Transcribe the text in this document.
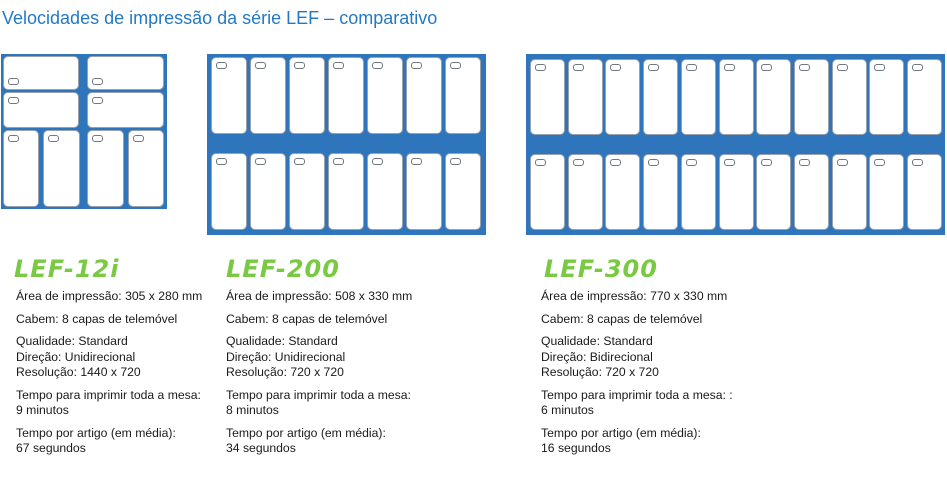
Velocidades de impressão da série LEF – comparativo
LEF-12i	LEF-200	LEF-300

Área de impressão: 305 x 280 mm

Cabem: 8 capas de telemóvel

Qualidade: Standard
Direção: Unidirecional
Resolução: 1440 x 720

Tempo para imprimir toda a mesa:
9 minutos

Tempo por artigo (em média):
67 segundos

Área de impressão: 508 x 330 mm

Cabem: 8 capas de telemóvel

Qualidade: Standard
Direção: Unidirecional
Resolução: 720 x 720

Tempo para imprimir toda a mesa:
8 minutos

Tempo por artigo (em média):
34 segundos

Área de impressão: 770 x 330 mm

Cabem: 8 capas de telemóvel

Qualidade: Standard
Direção: Bidirecional
Resolução: 720 x 720

Tempo para imprimir toda a mesa: :
6 minutos

Tempo por artigo (em média):
16 segundos
